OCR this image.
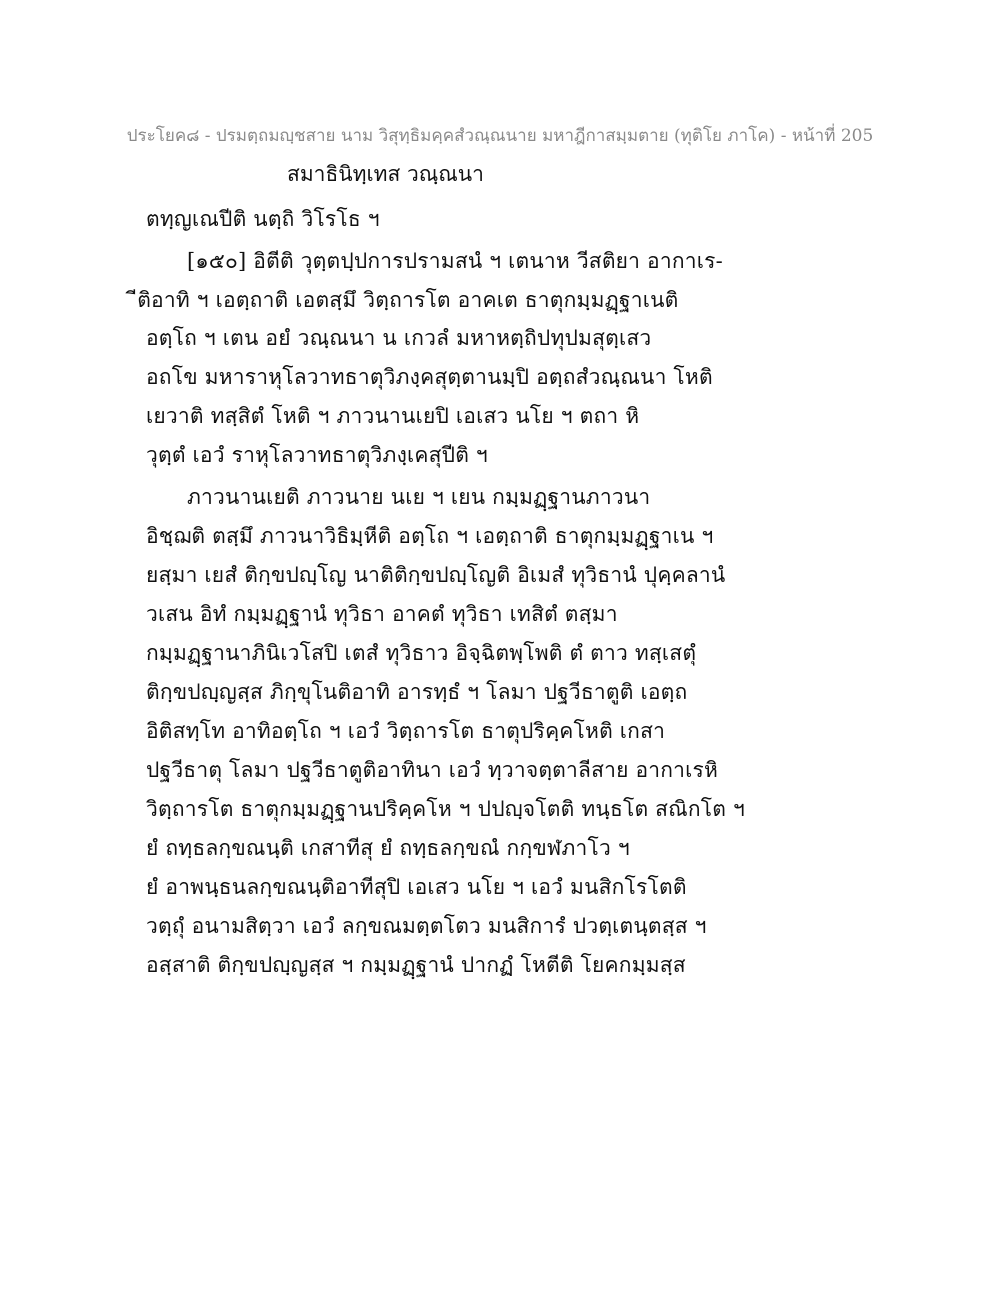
ประโยค๘ - ปรมตฺถมญฺชสาย นาม วิสุทฺธิมคฺคสํวณฺณนาย มหาฎีกาสมฺมตาย (ทุติโย ภาโค) - หน้าที่ 205
สมาธินิทฺเทส วณฺณนา
ตทฺญเณปีติ นตฺถิ วิโรโธ ฯ
[๑๕๐] อิตีติ วุตฺตปฺปการปรามสนํ ฯ เตนาห วีสติยา อากาเร-
ีติอาทิ ฯ เอตฺถาติ เอตสฺมึ วิตฺถารโต อาคเต ธาตุกมฺมฏฺฐาเนติ
อตฺโถ ฯ เตน อยํ วณฺณนา น เกวลํ มหาหตฺถิปทุปมสุตฺเสว
อถโข มหาราหุโลวาทธาตุวิภงฺคสุตฺตานมฺปิ อตฺถสํวณฺณนา โหติ
เยวาติ ทสฺสิตํ โหติ ฯ ภาวนานเยปิ เอเสว นโย ฯ ตถา หิ
วุตฺตํ เอวํ ราหุโลวาทธาตุวิภงฺเคสุปีติ ฯ
ภาวนานเยติ ภาวนาย นเย ฯ เยน กมฺมฏฺฐานภาวนา
อิชฺฌติ ตสฺมึ ภาวนาวิธิมฺหีติ อตฺโถ ฯ เอตฺถาติ ธาตุกมฺมฏฺฐาเน ฯ
ยสฺมา เยสํ ติกฺขปญฺโญ นาติติกฺขปญฺโญติ อิเมสํ ทุวิธานํ ปุคฺคลานํ
วเสน อิทํ กมฺมฏฺฐานํ ทุวิธา อาคตํ ทุวิธา เทสิตํ ตสฺมา
กมฺมฏฺฐานาภินิเวโสปิ เตสํ ทุวิธาว อิจฺฉิตพฺโพติ ตํ ตาว ทสฺเสตุํ
ติกฺขปญฺญสฺส ภิกฺขุโนติอาทิ อารทฺธํ ฯ โลมา ปฐวีธาตูติ เอตฺถ
อิติสทฺโท อาทิอตฺโถ ฯ เอวํ วิตฺถารโต ธาตุปริคฺคโหติ เกสา
ปฐวีธาตุ โลมา ปฐวีธาตูติอาทินา เอวํ ทฺวาจตฺตาลีสาย อากาเรหิ
วิตฺถารโต ธาตุกมฺมฏฺฐานปริคฺคโห ฯ ปปญฺจโตติ ทนฺธโต สณิกโต ฯ
ยํ ถทฺธลกฺขณนฺติ เกสาทีสุ ยํ ถทฺธลกฺขณํ กกฺขฬภาโว ฯ
ยํ อาพนฺธนลกฺขณนฺติอาทีสุปิ เอเสว นโย ฯ เอวํ มนสิกโรโตติ
วตฺถุํ อนามสิตฺวา เอวํ ลกฺขณมตฺตโตว มนสิการํ ปวตฺเตนฺตสฺส ฯ
อสฺสาติ ติกฺขปญฺญสฺส ฯ กมฺมฏฺฐานํ ปากฏํ โหตีติ โยคกมฺมสฺส
